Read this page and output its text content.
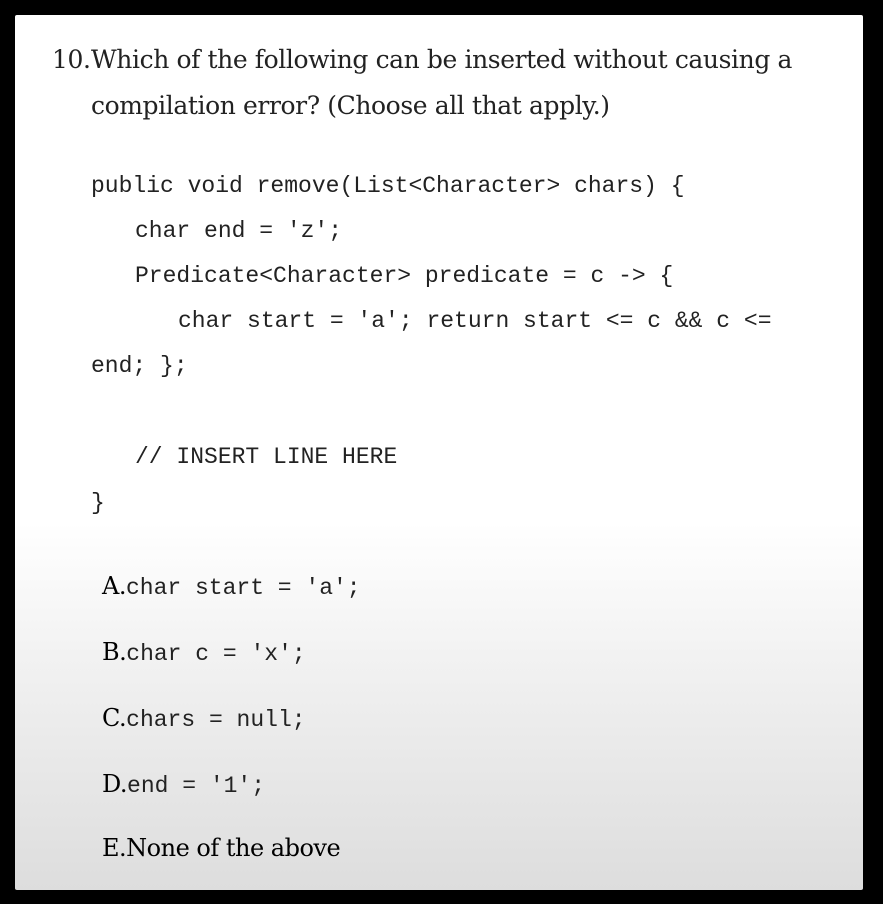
10. Which of the following can be inserted without causing a
compilation error? (Choose all that apply.)
public void remove(List<Character> chars) {
char end = 'z';
Predicate<Character> predicate = c -> {
char start = 'a'; return start <= c && c <=
end; };
// INSERT LINE HERE
}
A.char start = 'a';
B.char c = 'x';
C.chars = null;
D.end = '1';
E.None of the above
